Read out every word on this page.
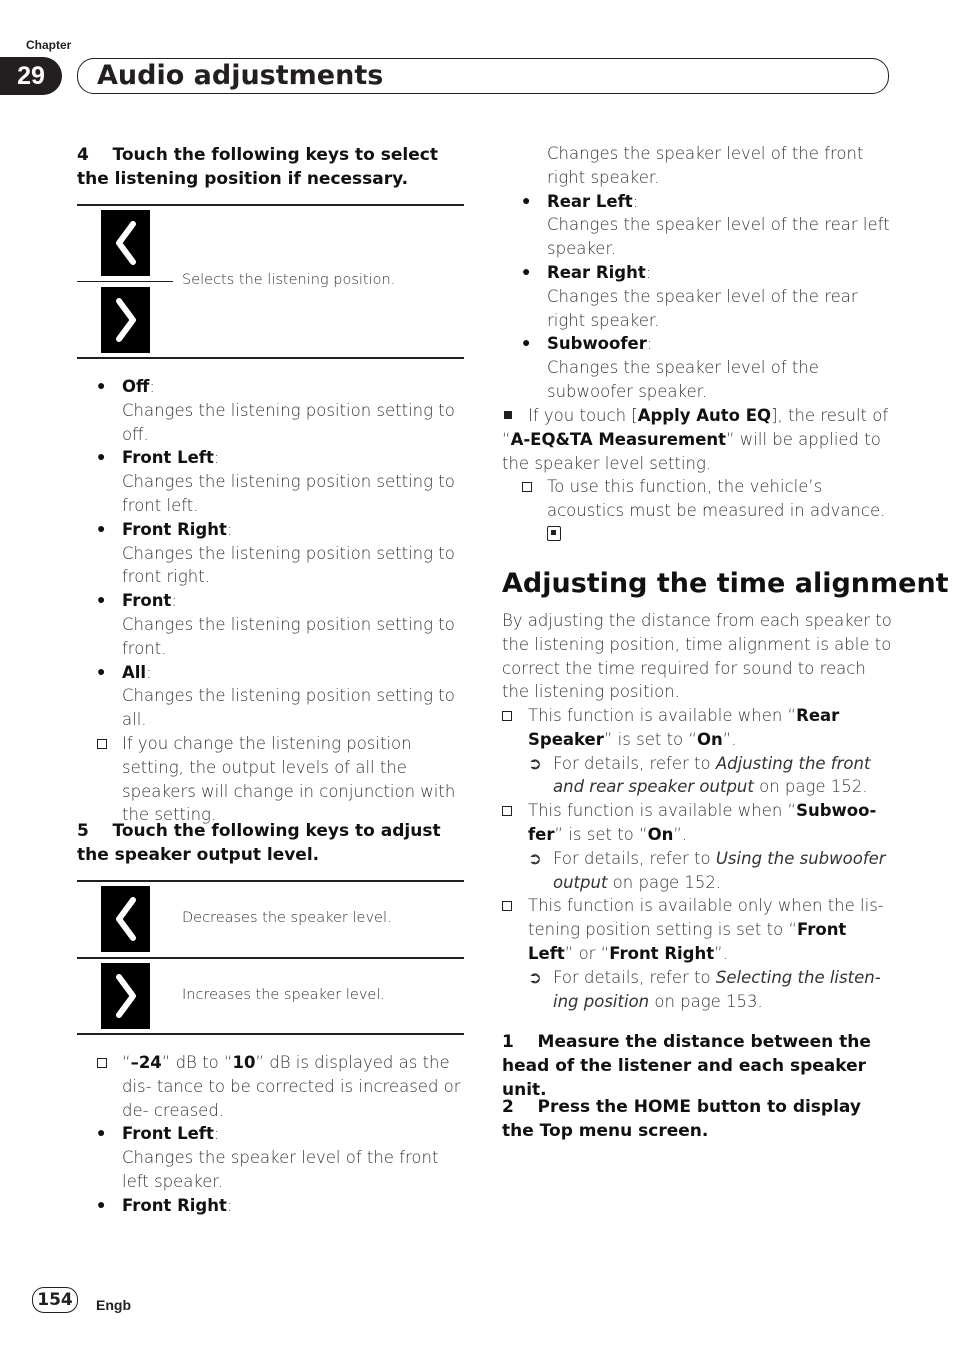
Chapter
29	Audio adjustments
4 Touch the following keys to select the listening position if necessary.
Selects the listening position.
● Off:
Changes the listening position setting to off.
● Front Left:
Changes the listening position setting to front left.
● Front Right:
Changes the listening position setting to front right.
● Front:
Changes the listening position setting to front.
● All:
Changes the listening position setting to all.
If you change the listening position setting, the output levels of all the speakers will change in conjunction with the setting.
5 Touch the following keys to adjust the speaker output level.
Decreases the speaker level.
Increases the speaker level.
“–24” dB to “10” dB is displayed as the dis- tance to be corrected is increased or de- creased.
● Front Left:
Changes the speaker level of the front left speaker.
● Front Right:
Changes the speaker level of the front right speaker.
● Rear Left:
Changes the speaker level of the rear left speaker.
● Rear Right:
Changes the speaker level of the rear right speaker.
● Subwoofer:
Changes the speaker level of the subwoofer speaker.
If you touch [Apply Auto EQ], the result of “A-EQ&TA Measurement” will be applied to the speaker level setting.
To use this function, the vehicle’s acoustics must be measured in advance.
Adjusting the time alignment
By adjusting the distance from each speaker to the listening position, time alignment is able to correct the time required for sound to reach the listening position.
This function is available when “Rear Speaker” is set to “On”.
➲ For details, refer to Adjusting the front and rear speaker output on page 152.
This function is available when “Subwoo- fer” is set to “On”.
➲ For details, refer to Using the subwoofer output on page 152.
This function is available only when the lis- tening position setting is set to “Front Left” or “Front Right”.
➲ For details, refer to Selecting the listen- ing position on page 153.
1 Measure the distance between the head of the listener and each speaker unit.
2 Press the HOME button to display the Top menu screen.
154	Engb
